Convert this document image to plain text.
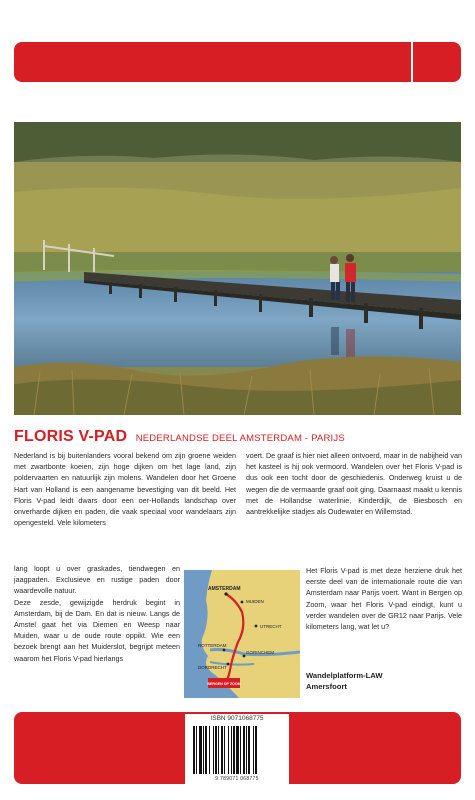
FLORIS V-PAD NEDERLANDSE DEEL AMSTERDAM - PARIJS

Nederland is bij buitenlanders vooral bekend om zijn groene weiden met zwartbonte koeien, zijn hoge dijken om het lage land, zijn poldervaarten en natuurlijk zijn molens. Wandelen door het Groene Hart van Holland is een aangename bevestiging van dit beeld. Het Floris V-pad leidt dwars door een oer-Hollands landschap over onverharde dijken en paden, die vaak speciaal voor wandelaars zijn opengesteld. Vele kilometers

lang loopt u over graskades, tiendwegen en jaagpaden. Exclusieve en rustige paden door waardevolle natuur.

Deze zesde, gewijzigde herdruk begint in Amsterdam, bij de Dam. En dat is nieuw. Langs de Amstel gaat het via Diemen en Weesp naar Muiden, waar u de oude route oppikt. Wie een bezoek brengt aan het Muiderslot, begrijpt meteen waarom het Floris V-pad hierlangs

voert. De graaf is hier niet alleen ontvoerd, maar in de nabijheid van het kasteel is hij ook vermoord. Wandelen over het Floris V-pad is dus ook een tocht door de geschiedenis. Onderweg kruist u de wegen die de vermaarde graaf ooit ging. Daarnaast maakt u kennis met de Hollandse waterlinie, Kinderdijk, de Biesbosch en aantrekkelijke stadjes als Oudewater en Willemstad.

Het Floris V-pad is met deze herziene druk het eerste deel van de internationale route die van Amsterdam naar Parijs voert. Want in Bergen op Zoom, waar het Floris V-pad eindigt, kunt u verder wandelen over de GR12 naar Parijs. Vele kilometers lang, wat let u?

AMSTERDAM
MUIDEN
UTRECHT
ROTTERDAM
GORINCHEM
DORDRECHT
BERGEN OP ZOOM
Wandelplatform-LAW
Amersfoort
ISBN 9071068775
9 789071 068775
